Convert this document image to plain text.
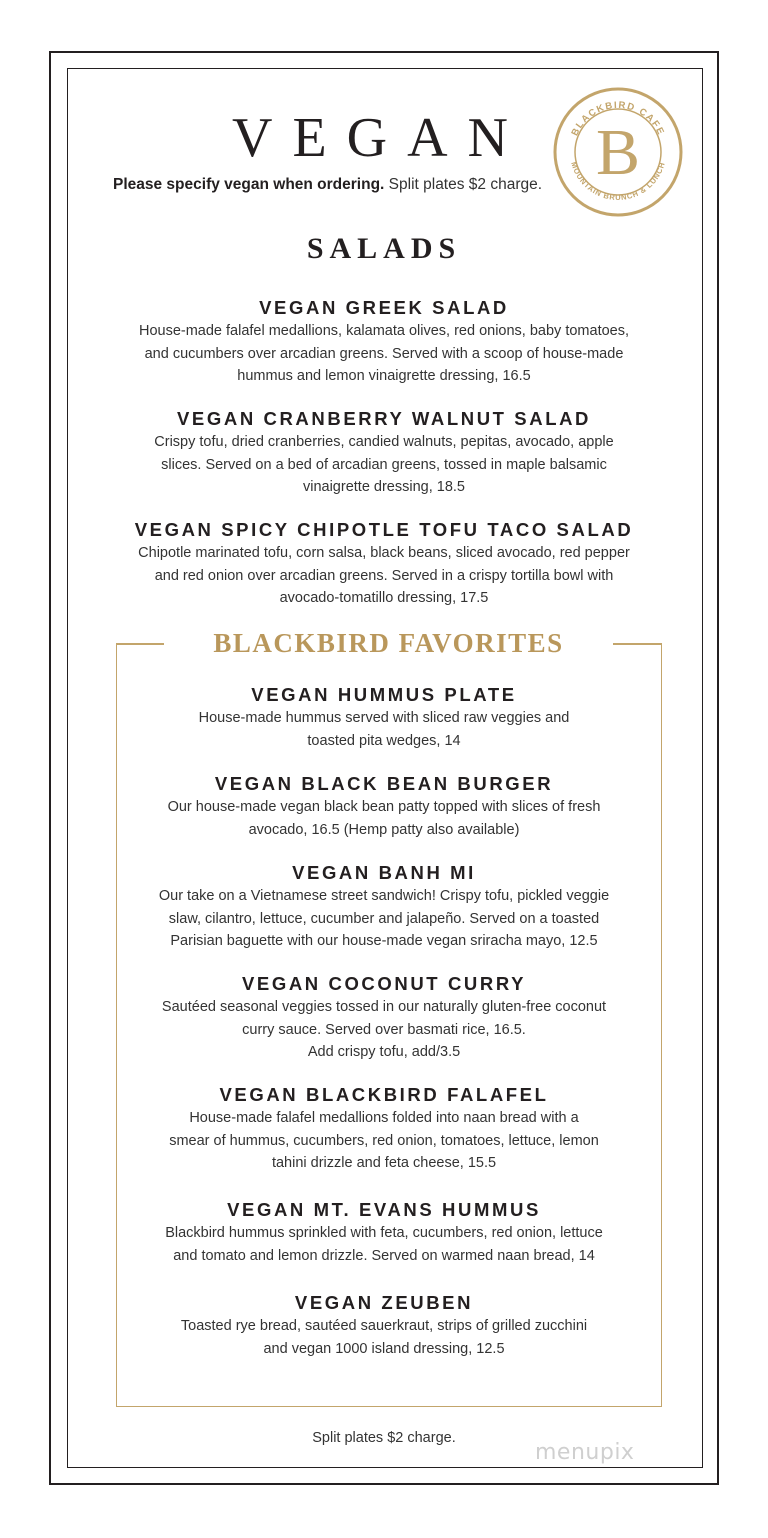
VEGAN
Please specify vegan when ordering. Split plates $2 charge.
BLACKBIRD CAFE
MOUNTAIN BRUNCH & LUNCH
B
SALADS
VEGAN GREEK SALAD

House-made falafel medallions, kalamata olives, red onions, baby tomatoes,

and cucumbers over arcadian greens. Served with a scoop of house-made

hummus and lemon vinaigrette dressing, 16.5

VEGAN CRANBERRY WALNUT SALAD

Crispy tofu, dried cranberries, candied walnuts, pepitas, avocado, apple

slices. Served on a bed of arcadian greens, tossed in maple balsamic

vinaigrette dressing, 18.5

VEGAN SPICY CHIPOTLE TOFU TACO SALAD

Chipotle marinated tofu, corn salsa, black beans, sliced avocado, red pepper

and red onion over arcadian greens. Served in a crispy tortilla bowl with

avocado-tomatillo dressing, 17.5

BLACKBIRD FAVORITES
VEGAN HUMMUS PLATE

House-made hummus served with sliced raw veggies and

toasted pita wedges, 14

VEGAN BLACK BEAN BURGER

Our house-made vegan black bean patty topped with slices of fresh

avocado, 16.5 (Hemp patty also available)

VEGAN BANH MI

Our take on a Vietnamese street sandwich! Crispy tofu, pickled veggie

slaw, cilantro, lettuce, cucumber and jalapeño. Served on a toasted

Parisian baguette with our house-made vegan sriracha mayo, 12.5

VEGAN COCONUT CURRY

Sautéed seasonal veggies tossed in our naturally gluten-free coconut

curry sauce. Served over basmati rice, 16.5.

Add crispy tofu, add/3.5

VEGAN BLACKBIRD FALAFEL

House-made falafel medallions folded into naan bread with a

smear of hummus, cucumbers, red onion, tomatoes, lettuce, lemon

tahini drizzle and feta cheese, 15.5

VEGAN MT. EVANS HUMMUS

Blackbird hummus sprinkled with feta, cucumbers, red onion, lettuce

and tomato and lemon drizzle. Served on warmed naan bread, 14

VEGAN ZEUBEN

Toasted rye bread, sautéed sauerkraut, strips of grilled zucchini

and vegan 1000 island dressing, 12.5

Split plates $2 charge.
menupix
